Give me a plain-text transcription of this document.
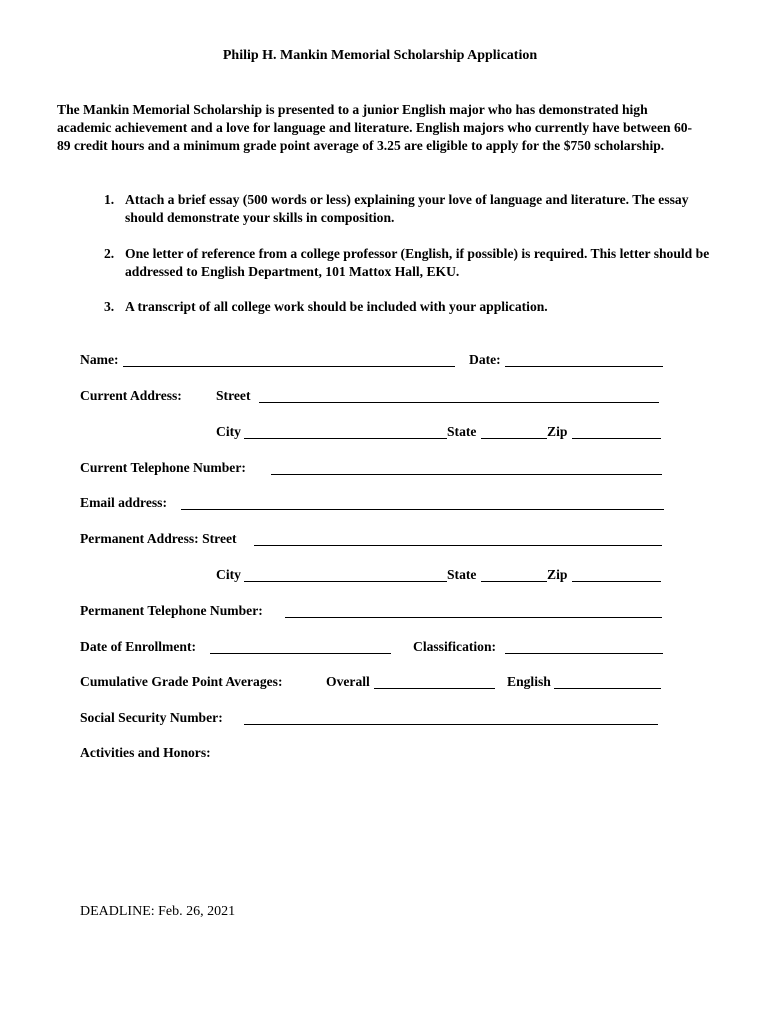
Philip H. Mankin Memorial Scholarship Application
The Mankin Memorial Scholarship is presented to a junior English major who has demonstrated high academic achievement and a love for language and literature. English majors who currently have between 60-89 credit hours and a minimum grade point average of 3.25 are eligible to apply for the $750 scholarship.
1. Attach a brief essay (500 words or less) explaining your love of language and literature. The essay should demonstrate your skills in composition.
2. One letter of reference from a college professor (English, if possible) is required. This letter should be addressed to English Department, 101 Mattox Hall, EKU.
3. A transcript of all college work should be included with your application.
Name:	Date:
Current Address:	Street
City	State	Zip
Current Telephone Number:
Email address:
Permanent Address: Street
City	State	Zip
Permanent Telephone Number:
Date of Enrollment:	Classification:
Cumulative Grade Point Averages:	Overall	English
Social Security Number:
Activities and Honors:
DEADLINE: Feb. 26, 2021
